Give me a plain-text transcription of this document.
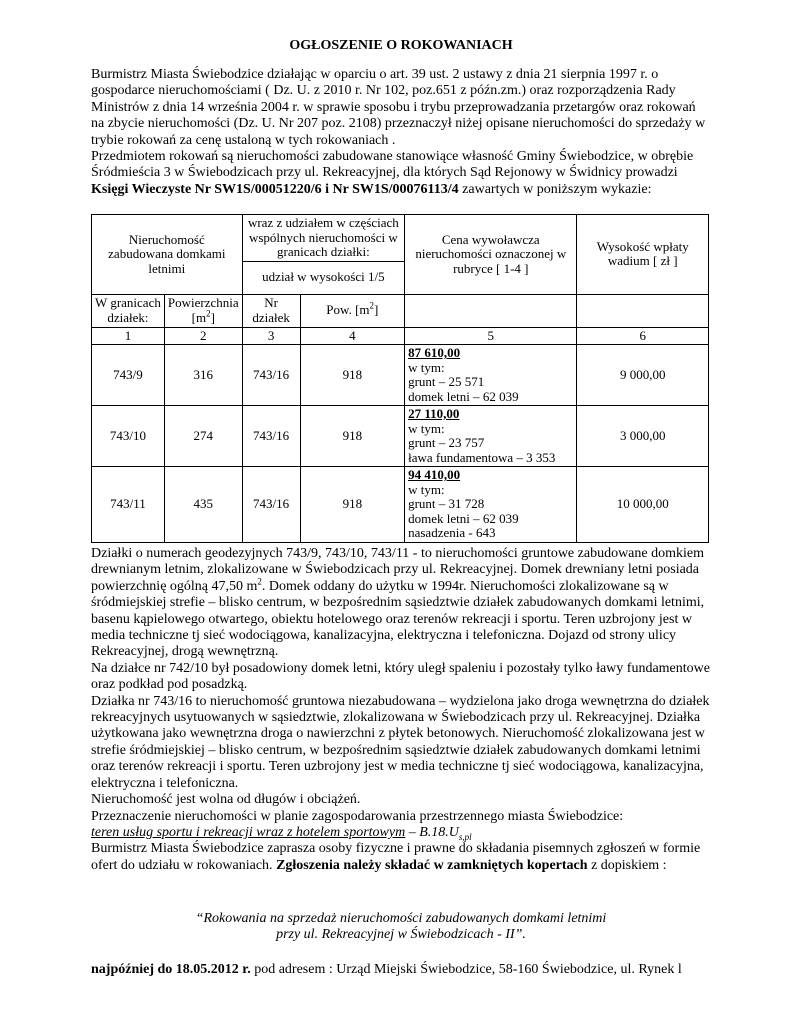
OGŁOSZENIE O ROKOWANIACH

Burmistrz Miasta Świebodzice działając w oparciu o art. 39 ust. 2 ustawy z dnia 21 sierpnia 1997 r. o gospodarce nieruchomościami ( Dz. U. z 2010 r. Nr 102, poz.651 z późn.zm.) oraz rozporządzenia Rady Ministrów z dnia 14 września 2004 r. w sprawie sposobu i trybu przeprowadzania przetargów oraz rokowań na zbycie nieruchomości (Dz. U. Nr 207 poz. 2108) przeznaczył niżej opisane nieruchomości do sprzedaży w trybie rokowań za cenę ustaloną w tych rokowaniach .
Przedmiotem rokowań są nieruchomości zabudowane stanowiące własność Gminy Świebodzice, w obrębie Śródmieścia 3 w Świebodzicach przy ul. Rekreacyjnej, dla których Sąd Rejonowy w Świdnicy prowadzi Księgi Wieczyste Nr SW1S/00051220/6 i Nr SW1S/00076113/4 zawartych w poniższym wykazie:

Nieruchomość zabudowana domkami letnimi		wraz z udziałem w częściach wspólnych nieruchomości w granicach działki:		Cena wywoławcza nieruchomości oznaczonej w rubryce [ 1-4 ]	Wysokość wpłaty wadium [ zł ]
		udział w wysokości 1/5			

W granicach działek:	Powierzchnia $[m^2]$	Nr działek	Pow. $[m^2]$		
1	2	3	4	5	6
743/9	316	743/16	918	87 610,00
w tym:
grunt – 25 571
domek letni – 62 039	9 000,00
743/10	274	743/16	918	27 110,00
w tym:
grunt – 23 757
ława fundamentowa – 3 353	3 000,00
743/11	435	743/16	918	94 410,00
w tym:
grunt – 31 728
domek letni – 62 039
nasadzenia - 643	10 000,00
Działki o numerach geodezyjnych 743/9, 743/10, 743/11 - to nieruchomości gruntowe zabudowane domkiem drewnianym letnim, zlokalizowane w Świebodzicach przy ul. Rekreacyjnej. Domek drewniany letni posiada powierzchnię ogólną 47,50 $m^2$. Domek oddany do użytku w 1994r. Nieruchomości zlokalizowane są w śródmiejskiej strefie – blisko centrum, w bezpośrednim sąsiedztwie działek zabudowanych domkami letnimi, basenu kąpielowego otwartego, obiektu hotelowego oraz terenów rekreacji i sportu. Teren uzbrojony jest w media techniczne tj sieć wodociągowa, kanalizacyjna, elektryczna i telefoniczna. Dojazd od strony ulicy Rekreacyjnej, drogą wewnętrzną.
Na działce nr 742/10 był posadowiony domek letni, który uległ spaleniu i pozostały tylko ławy fundamentowe oraz podkład pod posadzką.
Działka nr 743/16 to nieruchomość gruntowa niezabudowana – wydzielona jako droga wewnętrzna do działek rekreacyjnych usytuowanych w sąsiedztwie, zlokalizowana w Świebodzicach przy ul. Rekreacyjnej. Działka użytkowana jako wewnętrzna droga o nawierzchni z płytek betonowych. Nieruchomość zlokalizowana jest w strefie śródmiejskiej – blisko centrum, w bezpośrednim sąsiedztwie działek zabudowanych domkami letnimi oraz terenów rekreacji i sportu. Teren uzbrojony jest w media techniczne tj sieć wodociągowa, kanalizacyjna, elektryczna i telefoniczna.
Nieruchomość jest wolna od długów i obciążeń.
Przeznaczenie nieruchomości w planie zagospodarowania przestrzennego miasta Świebodzice:
teren usług sportu i rekreacji wraz z hotelem sportowym – $B.18.U_{s,pl}$
Burmistrz Miasta Świebodzice zaprasza osoby fizyczne i prawne do składania pisemnych zgłoszeń w formie ofert do udziału w rokowaniach. Zgłoszenia należy składać w zamkniętych kopertach z dopiskiem :
“Rokowania na sprzedaż nieruchomości zabudowanych domkami letnimi
przy ul. Rekreacyjnej w Świebodzicach - II”.
najpóźniej do 18.05.2012 r. pod adresem : Urząd Miejski Świebodzice, 58-160 Świebodzice, ul. Rynek l
